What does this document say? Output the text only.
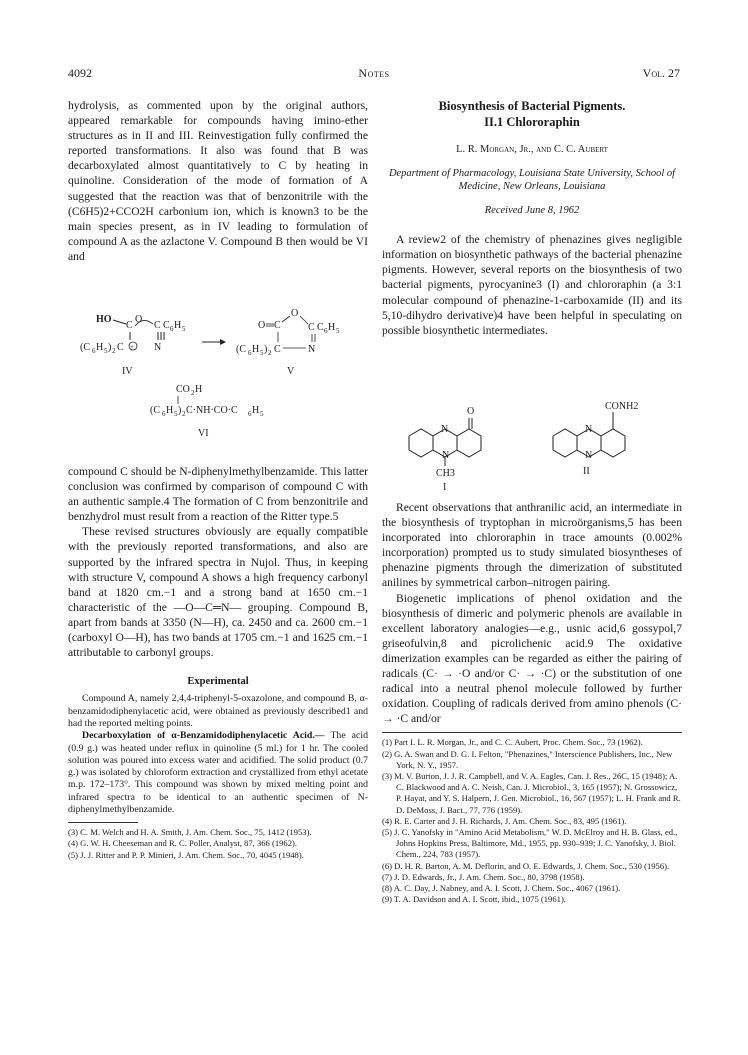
4092	Notes	Vol. 27

hydrolysis, as commented upon by the original authors, appeared remarkable for compounds having imino-ether structures as in II and III. Reinvestigation fully confirmed the reported transformations. It also was found that B was decarboxylated almost quantitatively to C by heating in quinoline. Consideration of the mode of formation of A suggested that the reaction was that of benzonitrile with the (C6H5)2+CCO2H carbonium ion, which is known3 to be the main species present, as in IV leading to formulation of compound A as the azlactone V. Compound B then would be VI and

HO
C
O
C C 6 H 5
(C 6 H 5 ) 2 C + N
IV
O C
O
C C 6 H 5
(C 6 H 5 ) 2 C	N
V
CO 2 H
(C 6 H 5 ) 2 C·NH·CO·C 6 H 5
VI

compound C should be N-diphenylmethylbenzamide. This latter conclusion was confirmed by comparison of compound C with an authentic sample.4 The formation of C from benzonitrile and benzhydrol must result from a reaction of the Ritter type.5

These revised structures obviously are equally compatible with the previously reported transformations, and also are supported by the infrared spectra in Nujol. Thus, in keeping with structure V, compound A shows a high frequency carbonyl band at 1820 cm.−1 and a strong band at 1650 cm.−1 characteristic of the —O—C═N— grouping. Compound B, apart from bands at 3350 (N—H), ca. 2450 and ca. 2600 cm.−1 (carboxyl O—H), has two bands at 1705 cm.−1 and 1625 cm.−1 attributable to carbonyl groups.

Experimental

Compound A, namely 2,4,4-triphenyl-5-oxazolone, and compound B, α-benzamidodiphenylacetic acid, were obtained as previously described1 and had the reported melting points.

Decarboxylation of α-Benzamidodiphenylacetic Acid.— The acid (0.9 g.) was heated under reflux in quinoline (5 ml.) for 1 hr. The cooled solution was poured into excess water and acidified. The solid product (0.7 g.) was isolated by chloroform extraction and crystallized from ethyl acetate m.p. 172–173°. This compound was shown by mixed melting point and infrared spectra to be identical to an authentic specimen of N-diphenylmethylbenzamide.

(3) C. M. Welch and H. A. Smith, J. Am. Chem. Soc., 75, 1412 (1953).

(4) G. W. H. Cheeseman and R. C. Poller, Analyst, 87, 366 (1962).

(5) J. J. Ritter and P. P. Minieri, J. Am. Chem. Soc., 70, 4045 (1948).

Biosynthesis of Bacterial Pigments.

II.1 Chlororaphin

L. R. Morgan, Jr., and C. C. Aubert

Department of Pharmacology, Louisiana State University, School of Medicine, New Orleans, Louisiana

Received June 8, 1962

A review2 of the chemistry of phenazines gives negligible information on biosynthetic pathways of the bacterial phenazine pigments. However, several reports on the biosynthesis of two bacterial pigments, pyrocyanine3 (I) and chlororaphin (a 3:1 molecular compound of phenazine-1-carboxamide (II) and its 5,10-dihydro derivative)4 have been helpful in speculating on possible biosynthetic intermediates.

O
N
N
CH3
I
CONH2
N
N
II

Recent observations that anthranilic acid, an intermediate in the biosynthesis of tryptophan in microörganisms,5 has been incorporated into chlororaphin in trace amounts (0.002% incorporation) prompted us to study simulated biosyntheses of phenazine pigments through the dimerization of substituted anilines by symmetrical carbon–nitrogen pairing.

Biogenetic implications of phenol oxidation and the biosynthesis of dimeric and polymeric phenols are available in excellent laboratory analogies—e.g., usnic acid,6 gossypol,7 griseofulvin,8 and picrolichenic acid.9 The oxidative dimerization examples can be regarded as either the pairing of radicals (C· → ·O and/or C· → ·C) or the substitution of one radical into a neutral phenol molecule followed by further oxidation. Coupling of radicals derived from amino phenols (C· → ·C and/or

(1) Part I. L. R. Morgan, Jr., and C. C. Aubert, Proc. Chem. Soc., 73 (1962).

(2) G. A. Swan and D. G. I. Felton, "Phenazines," Interscience Publishers, Inc., New York, N. Y., 1957.

(3) M. V. Burton, J. J. R. Campbell, and V. A. Eagles, Can. J. Res., 26C, 15 (1948); A. C. Blackwood and A. C. Neish, Can. J. Microbiol., 3, 165 (1957); N. Grossowicz, P. Hayat, and Y. S. Halpern, J. Gen. Microbiol., 16, 567 (1957); L. H. Frank and R. D. DeMoss, J. Bact., 77, 776 (1959).

(4) R. E. Carter and J. H. Richards, J. Am. Chem. Soc., 83, 495 (1961).

(5) J. C. Yanofsky in "Amino Acid Metabolism," W. D. McElroy and H. B. Glass, ed., Johns Hopkins Press, Baltimore, Md., 1955, pp. 930–939; J. C. Yanofsky, J. Biol. Chem., 224, 783 (1957).

(6) D. H. R. Barton, A. M. Deflorin, and O. E. Edwards, J. Chem. Soc., 530 (1956).

(7) J. D. Edwards, Jr., J. Am. Chem. Soc., 80, 3798 (1958).

(8) A. C. Day, J. Nabney, and A. I. Scott, J. Chem. Soc., 4067 (1961).

(9) T. A. Davidson and A. I. Scott, ibid., 1075 (1961).
